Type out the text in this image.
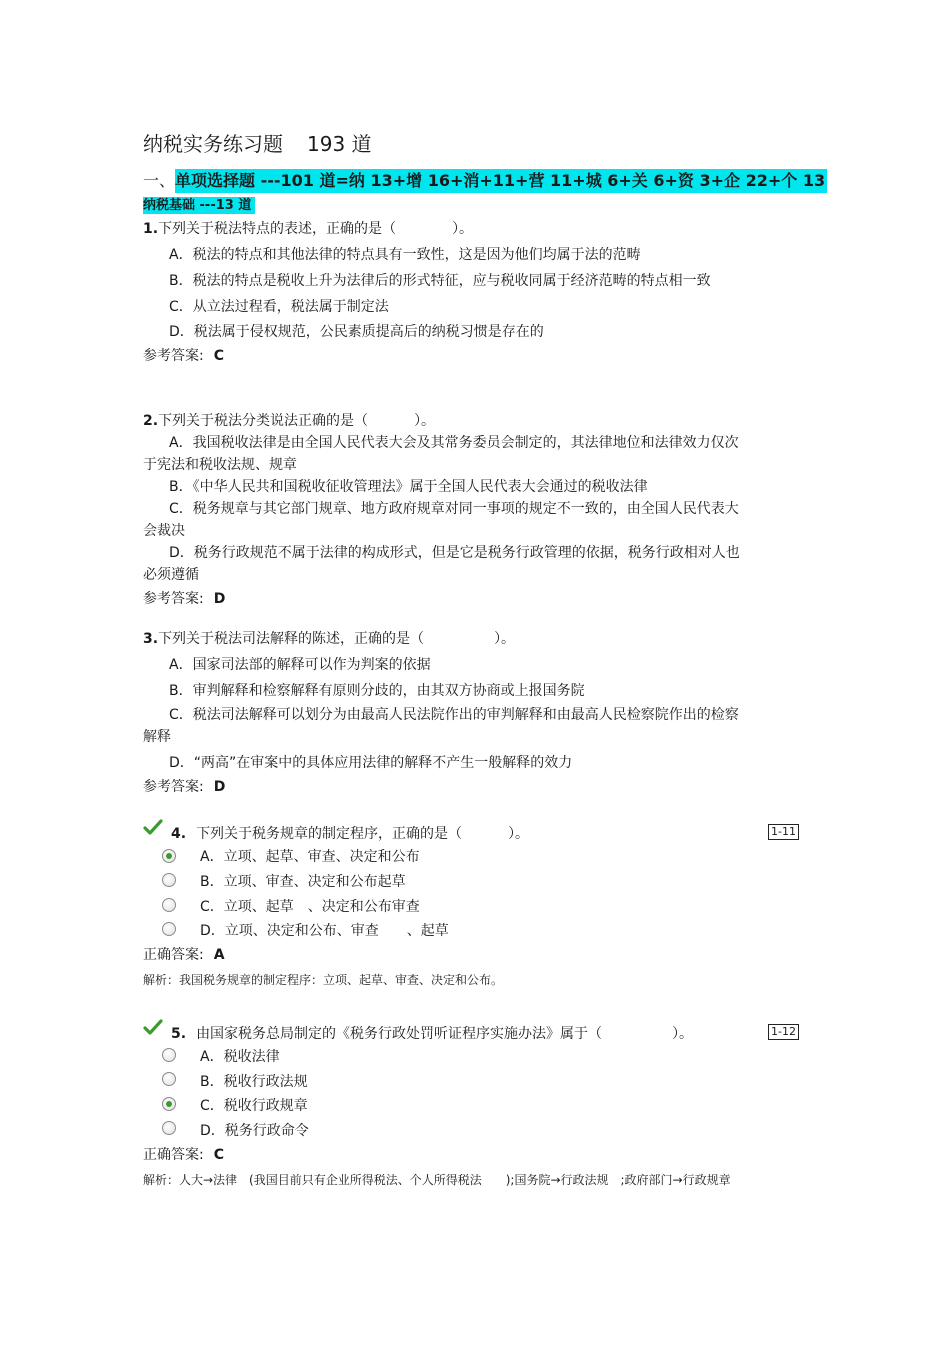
纳税实务练习题 193 道
一、单项选择题 ---101 道=纳 13+增 16+消+11+营 11+城 6+关 6+资 3+企 22+个 13
纳税基础 ---13 道
1.下列关于税法特点的表述，正确的是（	）。
A．税法的特点和其他法律的特点具有一致性，这是因为他们均属于法的范畴
B．税法的特点是税收上升为法律后的形式特征，应与税收同属于经济范畴的特点相一致
C．从立法过程看，税法属于制定法
D．税法属于侵权规范，公民素质提高后的纳税习惯是存在的
参考答案: C
2.下列关于税法分类说法正确的是（	）。
A．我国税收法律是由全国人民代表大会及其常务委员会制定的，其法律地位和法律效力仅次于宪法和税收法规、规章
B．《中华人民共和国税收征收管理法》属于全国人民代表大会通过的税收法律
C．税务规章与其它部门规章、地方政府规章对同一事项的规定不一致的，由全国人民代表大会裁决
D．税务行政规范不属于法律的构成形式，但是它是税务行政管理的依据，税务行政相对人也必须遵循
参考答案: D
3.下列关于税法司法解释的陈述，正确的是（	）。
A．国家司法部的解释可以作为判案的依据
B．审判解释和检察解释有原则分歧的，由其双方协商或上报国务院
C．税法司法解释可以划分为由最高人民法院作出的审判解释和由最高人民检察院作出的检察解释
D．“两高”在审案中的具体应用法律的解释不产生一般解释的效力
参考答案: D
4. 下列关于税务规章的制定程序，正确的是（	）。	1-11
A．立项、起草、审查、决定和公布
B．立项、审查、决定和公布起草
C．立项、起草　、决定和公布审查
D．立项、决定和公布、审查　　、起草
正确答案: A
解析：我国税务规章的制定程序：立项、起草、审查、决定和公布。
5. 由国家税务总局制定的《税务行政处罚听证程序实施办法》属于（	）。	1-12
A．税收法律
B．税收行政法规
C．税收行政规章
D．税务行政命令
正确答案: C
解析：人大→法律　(我国目前只有企业所得税法、个人所得税法　　);国务院→行政法规　;政府部门→行政规章
